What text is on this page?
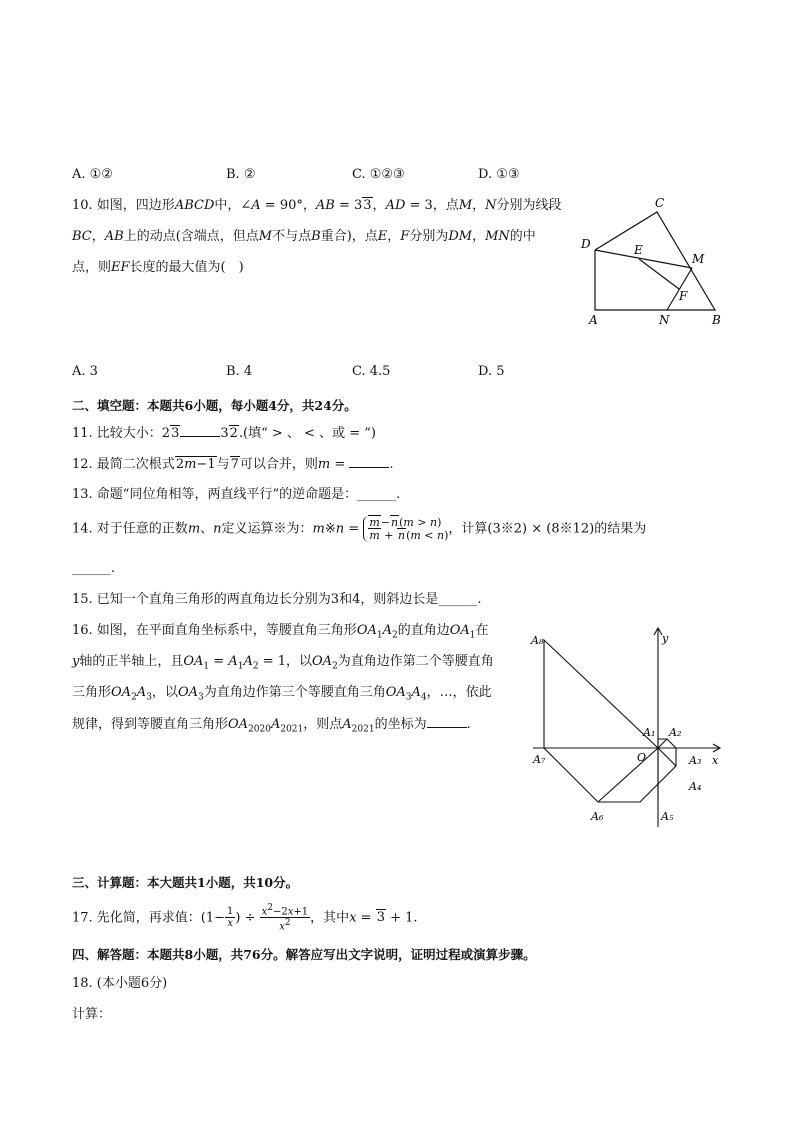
A. ①②	B. ②	C. ①②③	D. ①③
10. 如图，四边形ABCD中，∠A = 90°，AB = 33，AD = 3，点M，N分别为线段
BC，AB上的动点(含端点，但点M不与点B重合)，点E，F分别为DM，MN的中
点，则EF长度的最大值为(　)
C
D	E
M
F
A	N	B
A. 3	B. 4	C. 4.5	D. 5
二、填空题：本题共6小题，每小题4分，共24分。
11. 比较大小：23	32.(填“ > 、 < 、或 = ”)
12. 最简二次根式2m−1与7可以合并，则m =	.
13. 命题“同位角相等，两直线平行”的逆命题是：______.
14. 对于任意的正数m、n定义运算※为：m※n = m−n(m > n)
m + n(m < n) ，计算(3※2) × (8※12)的结果为
______.
15. 已知一个直角三角形的两直角边长分别为3和4，则斜边长是______.
16. 如图，在平面直角坐标系中，等腰直角三角形$OA_1A_2$的直角边$OA_1$在
y轴的正半轴上，且$OA_1 = A_1A_2 = 1$，以$OA_2$为直角边作第二个等腰直角
三角形$OA_2A_3$，以$OA_3$为直角边作第三个等腰直角三角$OA_3A_4$，…，依此
规律，得到等腰直角三角形$OA_{2020}A_{2021}$，则点$A_{2021}$的坐标为	.
A₈	y
A₁ A₂
O	A₃ x
A₄
A₇
A₆	A₅
三、计算题：本大题共1小题，共10分。
17. 先化简，再求值：($1- \frac{1}{x}$ ) ÷ $\frac{x^2-2x+1}{x^2}$ ，其中x = 3 + 1.
四、解答题：本题共8小题，共76分。解答应写出文字说明，证明过程或演算步骤。
18. (本小题6分)
计算：
